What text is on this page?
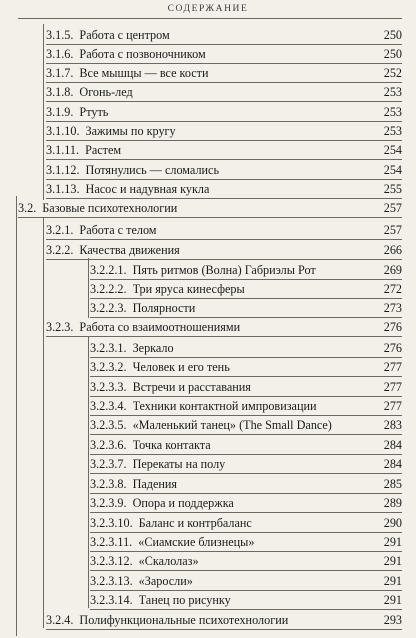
СОДЕРЖАНИЕ
3.1.5. Работа с центром	250
3.1.6. Работа с позвоночником	250
3.1.7. Все мышцы — все кости	252
3.1.8. Огонь-лед	253
3.1.9. Ртуть	253
3.1.10. Зажимы по кругу	253
3.1.11. Растем	254
3.1.12. Потянулись — сломались	254
3.1.13. Насос и надувная кукла	255
3.2. Базовые психотехнологии	257
3.2.1. Работа с телом	257
3.2.2. Качества движения	266
3.2.2.1. Пять ритмов (Волна) Габриэлы Рот	269
3.2.2.2. Три яруса кинесферы	272
3.2.2.3. Полярности	273
3.2.3. Работа со взаимоотношениями	276
3.2.3.1. Зеркало	276
3.2.3.2. Человек и его тень	277
3.2.3.3. Встречи и расставания	277
3.2.3.4. Техники контактной импровизации	277
3.2.3.5. «Маленький танец» (The Small Dance)	283
3.2.3.6. Точка контакта	284
3.2.3.7. Перекаты на полу	284
3.2.3.8. Падения	285
3.2.3.9. Опора и поддержка	289
3.2.3.10. Баланс и контрбаланс	290
3.2.3.11. «Сиамские близнецы»	291
3.2.3.12. «Скалолаз»	291
3.2.3.13. «Заросли»	291
3.2.3.14. Танец по рисунку	291
3.2.4. Полифункциональные психотехнологии	293
